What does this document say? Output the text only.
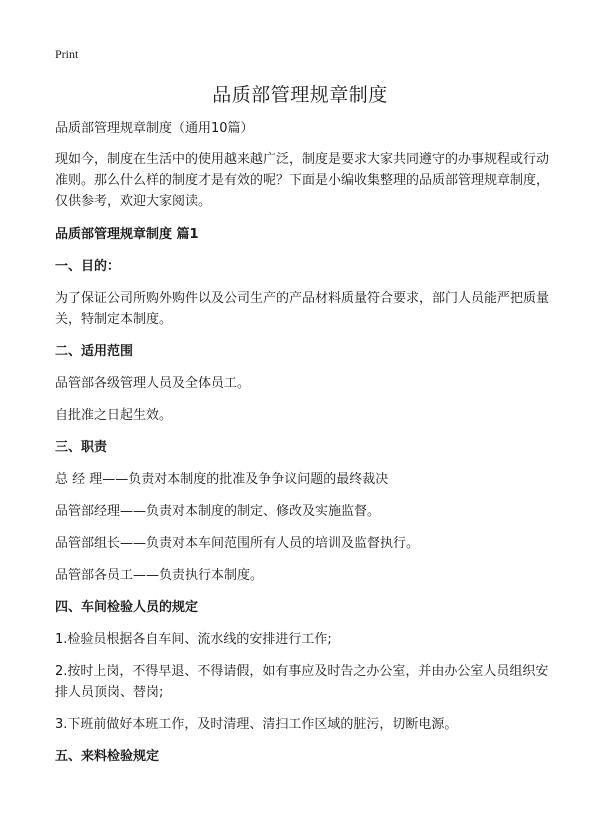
Print
品质部管理规章制度

品质部管理规章制度（通用10篇）

现如今，制度在生活中的使用越来越广泛，制度是要求大家共同遵守的办事规程或行动准则。那么什么样的制度才是有效的呢？下面是小编收集整理的品质部管理规章制度，仅供参考，欢迎大家阅读。

品质部管理规章制度 篇1

一、目的：

为了保证公司所购外购件以及公司生产的产品材料质量符合要求，部门人员能严把质量关，特制定本制度。

二、适用范围

品管部各级管理人员及全体员工。

自批准之日起生效。

三、职责

总 经 理——负责对本制度的批准及争争议问题的最终裁决

品管部经理——负责对本制度的制定、修改及实施监督。

品管部组长——负责对本车间范围所有人员的培训及监督执行。

品管部各员工——负责执行本制度。

四、车间检验人员的规定

1.检验员根据各自车间、流水线的安排进行工作;

2.按时上岗，不得早退、不得请假，如有事应及时告之办公室，并由办公室人员组织安排人员顶岗、替岗;

3.下班前做好本班工作，及时清理、清扫工作区域的脏污，切断电源。

五、来料检验规定
